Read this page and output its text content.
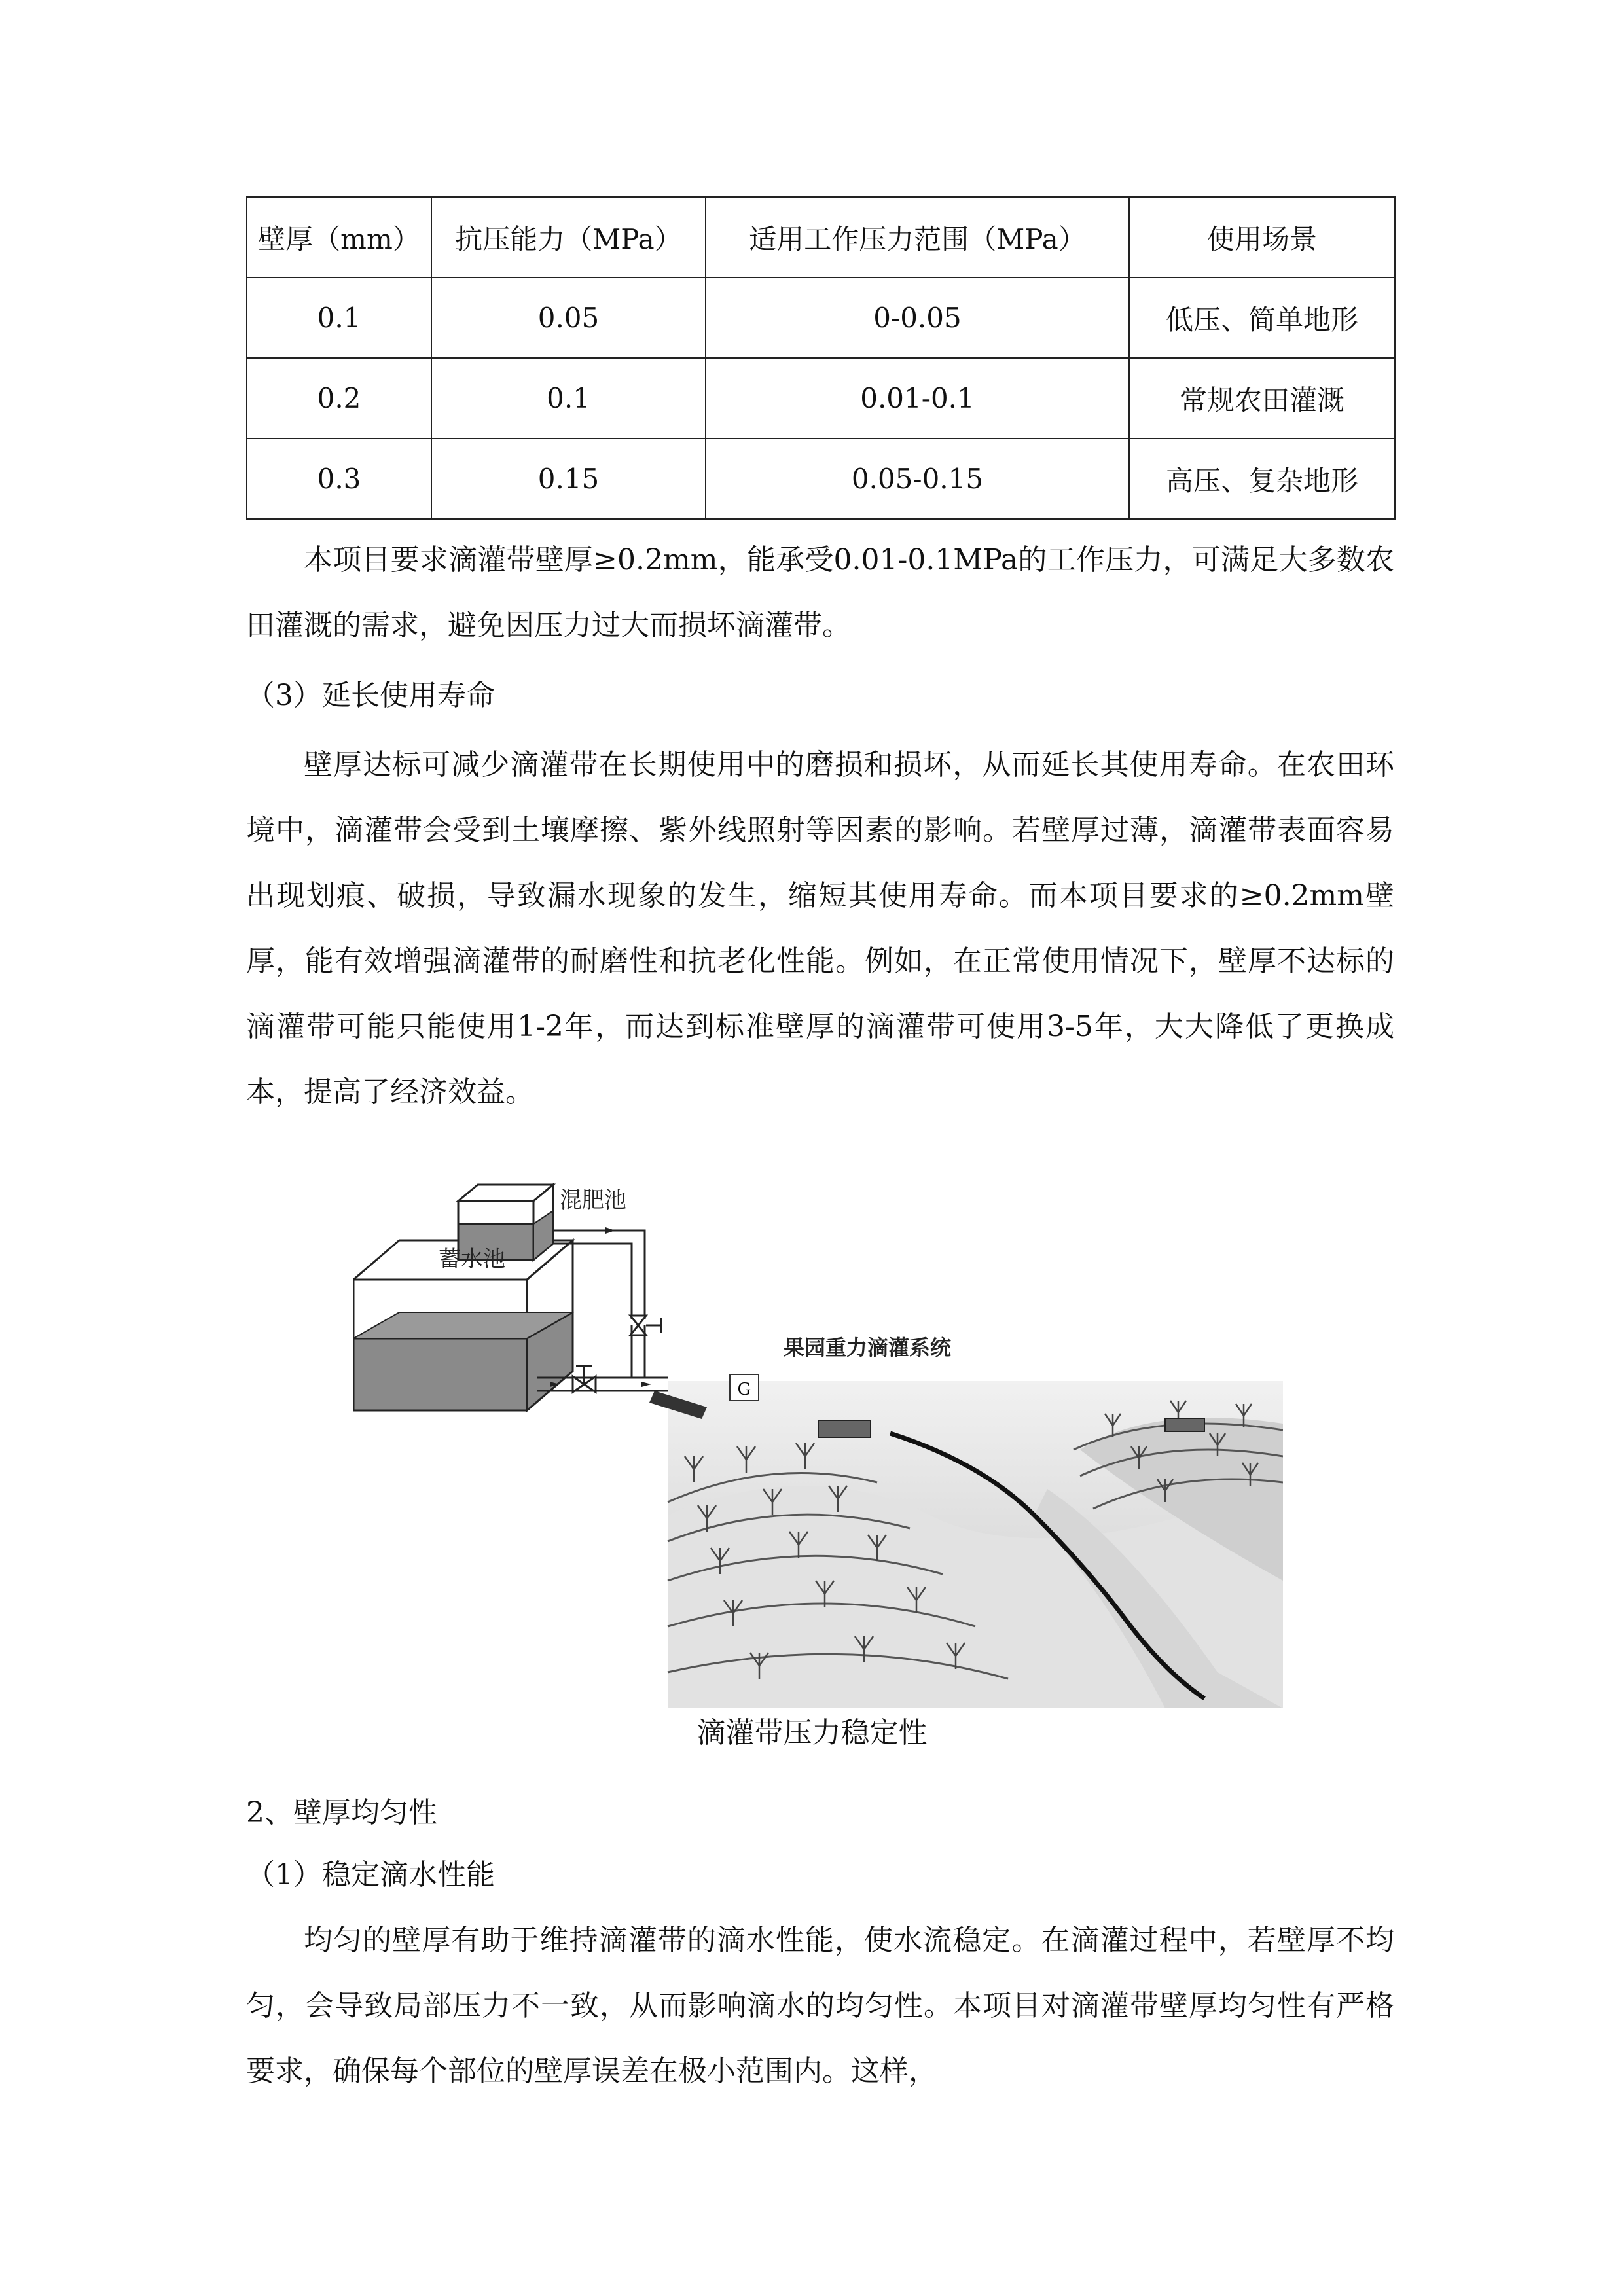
壁厚（mm）	抗压能力（MPa）	适用工作压力范围（MPa）	使用场景
0.1	0.05	0-0.05	低压、简单地形
0.2	0.1	0.01-0.1	常规农田灌溉
0.3	0.15	0.05-0.15	高压、复杂地形

本项目要求滴灌带壁厚≥0.2mm，能承受0.01-0.1MPa的工作压力，可满足大多数农田灌溉的需求，避免因压力过大而损坏滴灌带。

（3）延长使用寿命

壁厚达标可减少滴灌带在长期使用中的磨损和损坏，从而延长其使用寿命。在农田环境中，滴灌带会受到土壤摩擦、紫外线照射等因素的影响。若壁厚过薄，滴灌带表面容易出现划痕、破损，导致漏水现象的发生，缩短其使用寿命。而本项目要求的≥0.2mm壁厚，能有效增强滴灌带的耐磨性和抗老化性能。例如，在正常使用情况下，壁厚不达标的滴灌带可能只能使用1-2年，而达到标准壁厚的滴灌带可使用3-5年，大大降低了更换成本，提高了经济效益。

G
混肥池
蓄水池
果园重力滴灌系统
滴灌带压力稳定性

2、壁厚均匀性

（1）稳定滴水性能

均匀的壁厚有助于维持滴灌带的滴水性能，使水流稳定。在滴灌过程中，若壁厚不均匀，会导致局部压力不一致，从而影响滴水的均匀性。本项目对滴灌带壁厚均匀性有严格要求，确保每个部位的壁厚误差在极小范围内。这样，
